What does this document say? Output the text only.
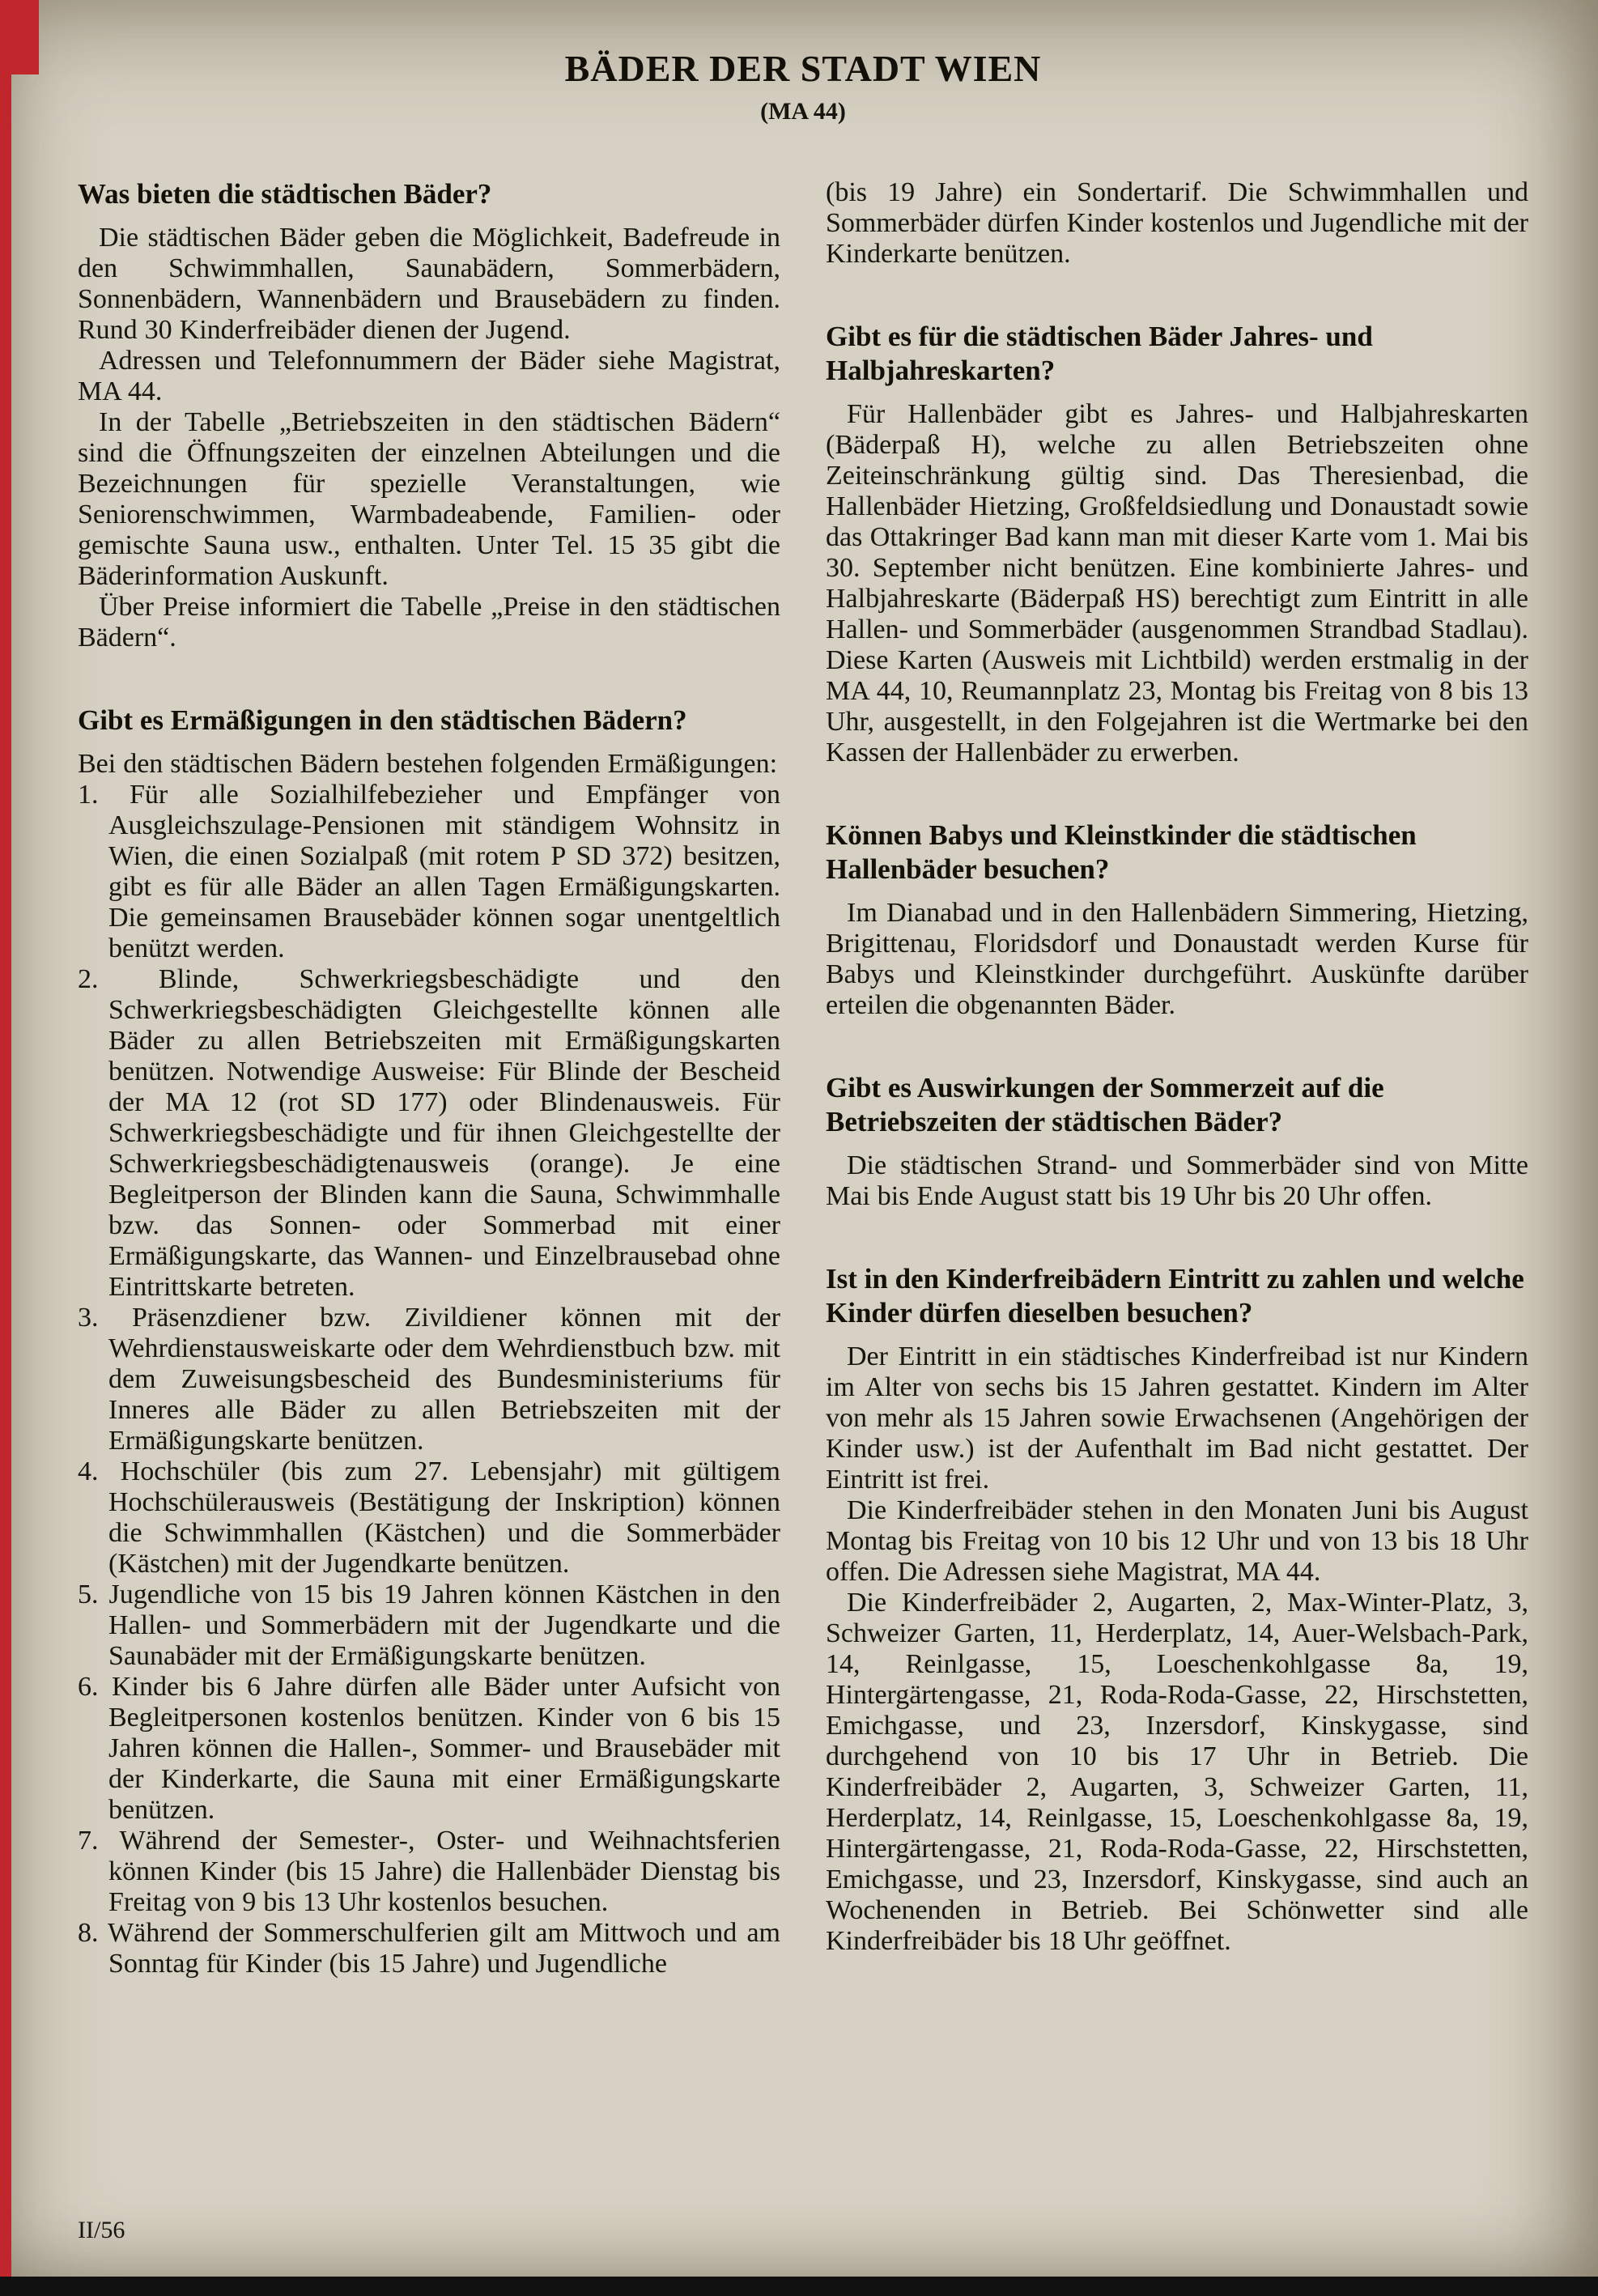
BÄDER DER STADT WIEN
(MA 44)
Was bieten die städtischen Bäder?

Die städtischen Bäder geben die Möglichkeit, Badefreude in den Schwimmhallen, Saunabädern, Sommerbädern, Sonnenbädern, Wannenbädern und Brausebädern zu finden. Rund 30 Kinderfreibäder dienen der Jugend.

Adressen und Telefonnummern der Bäder siehe Magistrat, MA 44.

In der Tabelle „Betriebszeiten in den städtischen Bädern“ sind die Öffnungszeiten der einzelnen Abteilungen und die Bezeichnungen für spezielle Veranstaltungen, wie Seniorenschwimmen, Warmbadeabende, Familien- oder gemischte Sauna usw., enthalten. Unter Tel. 15 35 gibt die Bäderinformation Auskunft.

Über Preise informiert die Tabelle „Preise in den städtischen Bädern“.

Gibt es Ermäßigungen in den städtischen Bädern?

Bei den städtischen Bädern bestehen folgenden Ermäßigungen:

1. Für alle Sozialhilfebezieher und Empfänger von Ausgleichszulage-Pensionen mit ständigem Wohnsitz in Wien, die einen Sozialpaß (mit rotem P SD 372) besitzen, gibt es für alle Bäder an allen Tagen Ermäßigungskarten. Die gemeinsamen Brausebäder können sogar unentgeltlich benützt werden.

2. Blinde, Schwerkriegsbeschädigte und den Schwerkriegsbeschädigten Gleichgestellte können alle Bäder zu allen Betriebszeiten mit Ermäßigungskarten benützen. Notwendige Ausweise: Für Blinde der Bescheid der MA 12 (rot SD 177) oder Blindenausweis. Für Schwerkriegsbeschädigte und für ihnen Gleichgestellte der Schwerkriegsbeschädigtenausweis (orange). Je eine Begleitperson der Blinden kann die Sauna, Schwimmhalle bzw. das Sonnen- oder Sommerbad mit einer Ermäßigungskarte, das Wannen- und Einzelbrausebad ohne Eintrittskarte betreten.

3. Präsenzdiener bzw. Zivildiener können mit der Wehrdienstausweiskarte oder dem Wehrdienstbuch bzw. mit dem Zuweisungsbescheid des Bundesministeriums für Inneres alle Bäder zu allen Betriebszeiten mit der Ermäßigungskarte benützen.

4. Hochschüler (bis zum 27. Lebensjahr) mit gültigem Hochschülerausweis (Bestätigung der Inskription) können die Schwimmhallen (Kästchen) und die Sommerbäder (Kästchen) mit der Jugendkarte benützen.

5. Jugendliche von 15 bis 19 Jahren können Kästchen in den Hallen- und Sommerbädern mit der Jugendkarte und die Saunabäder mit der Ermäßigungskarte benützen.

6. Kinder bis 6 Jahre dürfen alle Bäder unter Aufsicht von Begleitpersonen kostenlos benützen. Kinder von 6 bis 15 Jahren können die Hallen-, Sommer- und Brausebäder mit der Kinderkarte, die Sauna mit einer Ermäßigungskarte benützen.

7. Während der Semester-, Oster- und Weihnachtsferien können Kinder (bis 15 Jahre) die Hallenbäder Dienstag bis Freitag von 9 bis 13 Uhr kostenlos besuchen.

8. Während der Sommerschulferien gilt am Mittwoch und am Sonntag für Kinder (bis 15 Jahre) und Jugendliche

(bis 19 Jahre) ein Sondertarif. Die Schwimmhallen und Sommerbäder dürfen Kinder kostenlos und Jugendliche mit der Kinderkarte benützen.

Gibt es für die städtischen Bäder Jahres- und Halbjahreskarten?

Für Hallenbäder gibt es Jahres- und Halbjahreskarten (Bäderpaß H), welche zu allen Betriebszeiten ohne Zeiteinschränkung gültig sind. Das Theresienbad, die Hallenbäder Hietzing, Großfeldsiedlung und Donaustadt sowie das Ottakringer Bad kann man mit dieser Karte vom 1. Mai bis 30. September nicht benützen. Eine kombinierte Jahres- und Halbjahreskarte (Bäderpaß HS) berechtigt zum Eintritt in alle Hallen- und Sommerbäder (ausgenommen Strandbad Stadlau). Diese Karten (Ausweis mit Lichtbild) werden erstmalig in der MA 44, 10, Reumannplatz 23, Montag bis Freitag von 8 bis 13 Uhr, ausgestellt, in den Folgejahren ist die Wertmarke bei den Kassen der Hallenbäder zu erwerben.

Können Babys und Kleinstkinder die städtischen Hallenbäder besuchen?

Im Dianabad und in den Hallenbädern Simmering, Hietzing, Brigittenau, Floridsdorf und Donaustadt werden Kurse für Babys und Kleinstkinder durchgeführt. Auskünfte darüber erteilen die obgenannten Bäder.

Gibt es Auswirkungen der Sommerzeit auf die Betriebszeiten der städtischen Bäder?

Die städtischen Strand- und Sommerbäder sind von Mitte Mai bis Ende August statt bis 19 Uhr bis 20 Uhr offen.

Ist in den Kinderfreibädern Eintritt zu zahlen und welche Kinder dürfen dieselben besuchen?

Der Eintritt in ein städtisches Kinderfreibad ist nur Kindern im Alter von sechs bis 15 Jahren gestattet. Kindern im Alter von mehr als 15 Jahren sowie Erwachsenen (Angehörigen der Kinder usw.) ist der Aufenthalt im Bad nicht gestattet. Der Eintritt ist frei.

Die Kinderfreibäder stehen in den Monaten Juni bis August Montag bis Freitag von 10 bis 12 Uhr und von 13 bis 18 Uhr offen. Die Adressen siehe Magistrat, MA 44.

Die Kinderfreibäder 2, Augarten, 2, Max-Winter-Platz, 3, Schweizer Garten, 11, Herderplatz, 14, Auer-Welsbach-Park, 14, Reinlgasse, 15, Loeschenkohlgasse 8a, 19, Hintergärtengasse, 21, Roda-Roda-Gasse, 22, Hirschstetten, Emichgasse, und 23, Inzersdorf, Kinskygasse, sind durchgehend von 10 bis 17 Uhr in Betrieb. Die Kinderfreibäder 2, Augarten, 3, Schweizer Garten, 11, Herderplatz, 14, Reinlgasse, 15, Loeschenkohlgasse 8a, 19, Hintergärtengasse, 21, Roda-Roda-Gasse, 22, Hirschstetten, Emichgasse, und 23, Inzersdorf, Kinskygasse, sind auch an Wochenenden in Betrieb. Bei Schönwetter sind alle Kinderfreibäder bis 18 Uhr geöffnet.

II/56
